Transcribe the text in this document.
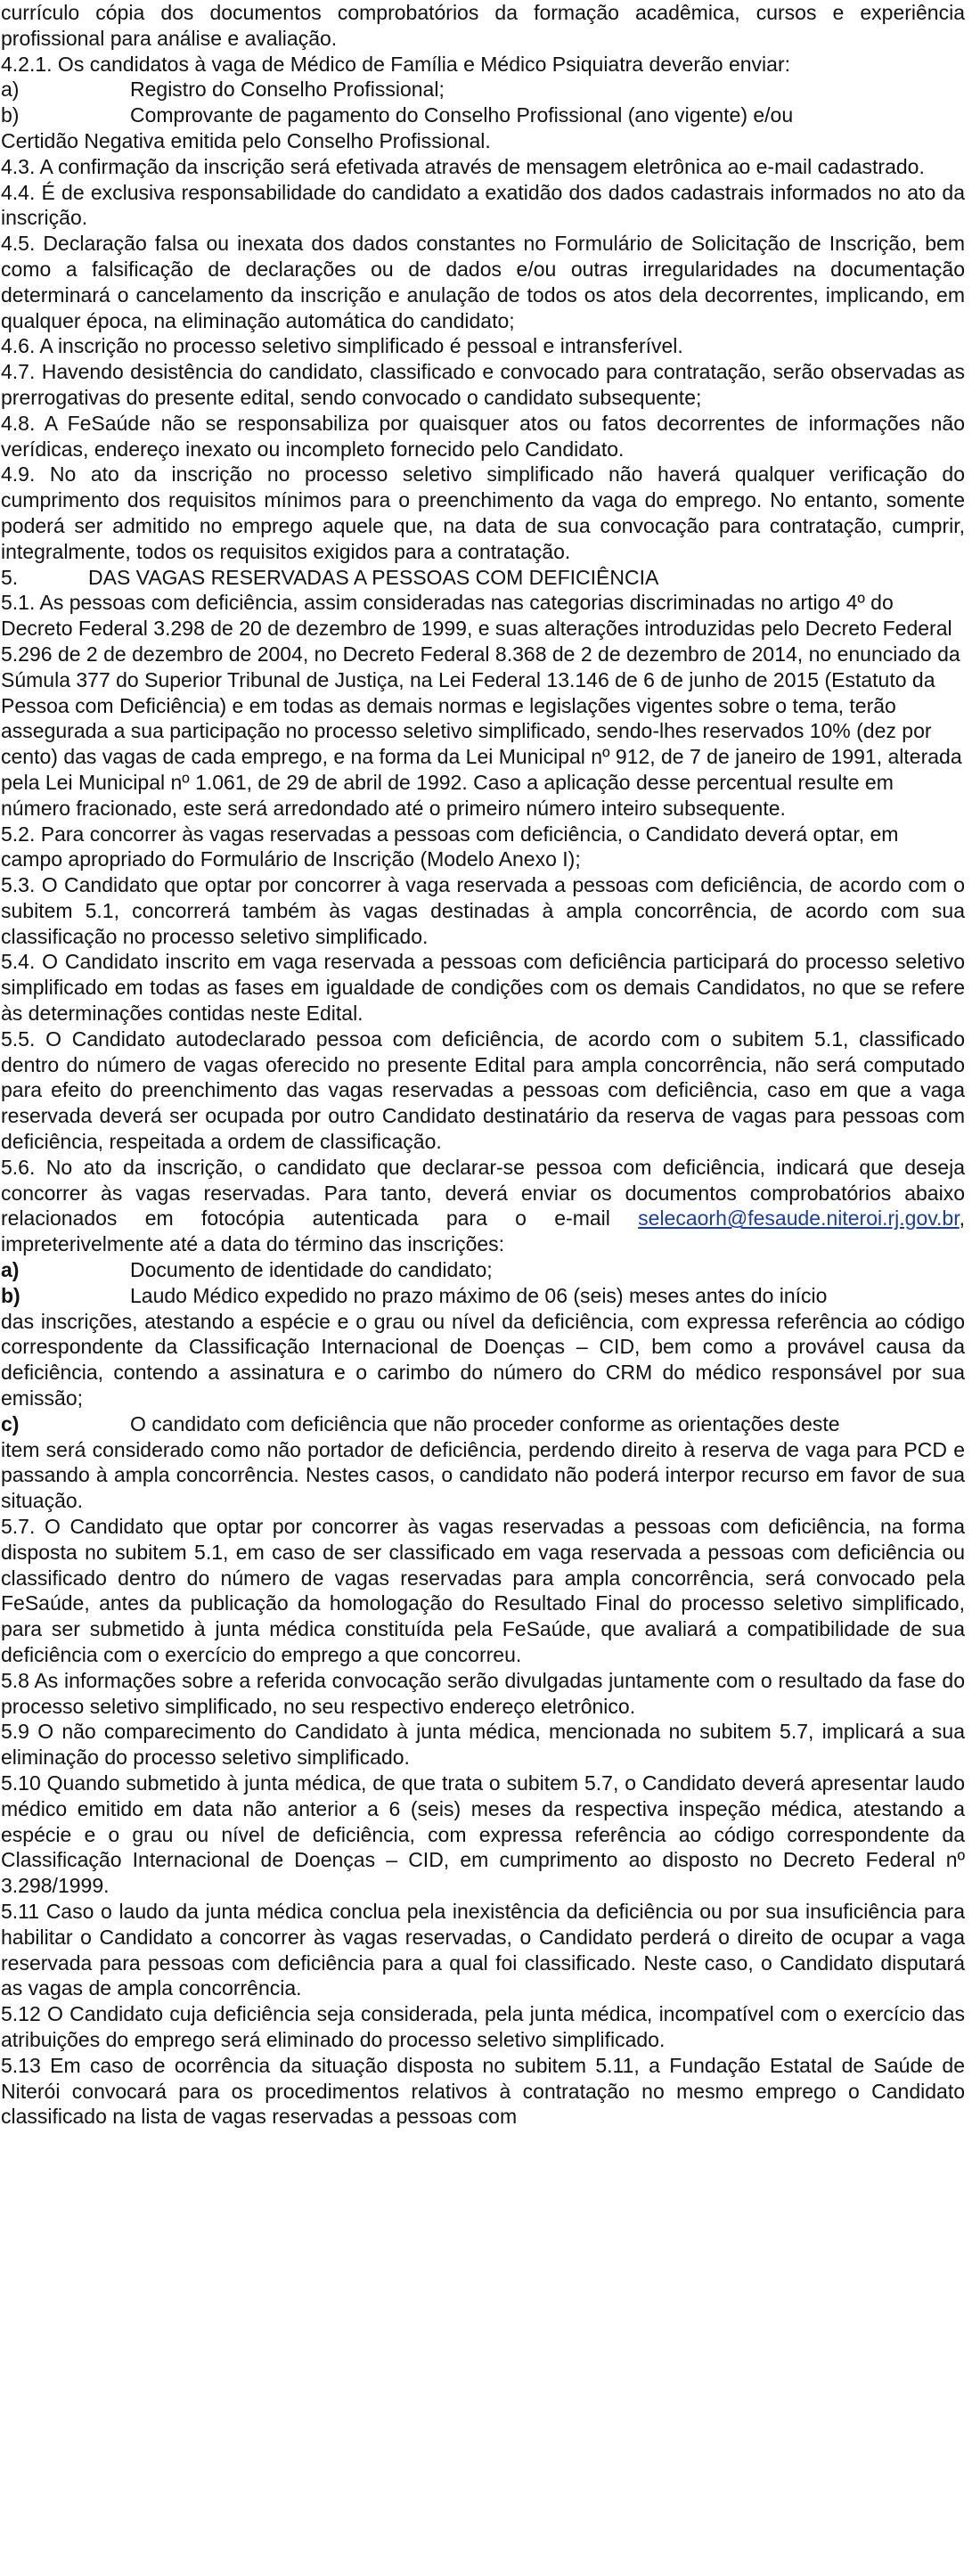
currículo cópia dos documentos comprobatórios da formação acadêmica, cursos e experiência profissional para análise e avaliação.

4.2.1. Os candidatos à vaga de Médico de Família e Médico Psiquiatra deverão enviar:

a)	Registro do Conselho Profissional;
b)	Comprovante de pagamento do Conselho Profissional (ano vigente) e/ou

Certidão Negativa emitida pelo Conselho Profissional.

4.3. A confirmação da inscrição será efetivada através de mensagem eletrônica ao e-mail cadastrado.

4.4. É de exclusiva responsabilidade do candidato a exatidão dos dados cadastrais informados no ato da inscrição.

4.5. Declaração falsa ou inexata dos dados constantes no Formulário de Solicitação de Inscrição, bem como a falsificação de declarações ou de dados e/ou outras irregularidades na documentação determinará o cancelamento da inscrição e anulação de todos os atos dela decorrentes, implicando, em qualquer época, na eliminação automática do candidato;

4.6. A inscrição no processo seletivo simplificado é pessoal e intransferível.

4.7. Havendo desistência do candidato, classificado e convocado para contratação, serão observadas as prerrogativas do presente edital, sendo convocado o candidato subsequente;

4.8. A FeSaúde não se responsabiliza por quaisquer atos ou fatos decorrentes de informações não verídicas, endereço inexato ou incompleto fornecido pelo Candidato.

4.9. No ato da inscrição no processo seletivo simplificado não haverá qualquer verificação do cumprimento dos requisitos mínimos para o preenchimento da vaga do emprego. No entanto, somente poderá ser admitido no emprego aquele que, na data de sua convocação para contratação, cumprir, integralmente, todos os requisitos exigidos para a contratação.

5.	DAS VAGAS RESERVADAS A PESSOAS COM DEFICIÊNCIA

5.1. As pessoas com deficiência, assim consideradas nas categorias discriminadas no artigo 4º do Decreto Federal 3.298 de 20 de dezembro de 1999, e suas alterações introduzidas pelo Decreto Federal 5.296 de 2 de dezembro de 2004, no Decreto Federal 8.368 de 2 de dezembro de 2014, no enunciado da Súmula 377 do Superior Tribunal de Justiça, na Lei Federal 13.146 de 6 de junho de 2015 (Estatuto da Pessoa com Deficiência) e em todas as demais normas e legislações vigentes sobre o tema, terão assegurada a sua participação no processo seletivo simplificado, sendo-lhes reservados 10% (dez por cento) das vagas de cada emprego, e na forma da Lei Municipal nº 912, de 7 de janeiro de 1991, alterada pela Lei Municipal nº 1.061, de 29 de abril de 1992. Caso a aplicação desse percentual resulte em número fracionado, este será arredondado até o primeiro número inteiro subsequente.

5.2. Para concorrer às vagas reservadas a pessoas com deficiência, o Candidato deverá optar, em campo apropriado do Formulário de Inscrição (Modelo Anexo I);

5.3. O Candidato que optar por concorrer à vaga reservada a pessoas com deficiência, de acordo com o subitem 5.1, concorrerá também às vagas destinadas à ampla concorrência, de acordo com sua classificação no processo seletivo simplificado.

5.4. O Candidato inscrito em vaga reservada a pessoas com deficiência participará do processo seletivo simplificado em todas as fases em igualdade de condições com os demais Candidatos, no que se refere às determinações contidas neste Edital.

5.5. O Candidato autodeclarado pessoa com deficiência, de acordo com o subitem 5.1, classificado dentro do número de vagas oferecido no presente Edital para ampla concorrência, não será computado para efeito do preenchimento das vagas reservadas a pessoas com deficiência, caso em que a vaga reservada deverá ser ocupada por outro Candidato destinatário da reserva de vagas para pessoas com deficiência, respeitada a ordem de classificação.

5.6. No ato da inscrição, o candidato que declarar-se pessoa com deficiência, indicará que deseja concorrer às vagas reservadas. Para tanto, deverá enviar os documentos comprobatórios abaixo relacionados em fotocópia autenticada para o e-mail selecaorh@fesaude.niteroi.rj.gov.br, impreterivelmente até a data do término das inscrições:

a)	Documento de identidade do candidato;
b)	Laudo Médico expedido no prazo máximo de 06 (seis) meses antes do início

das inscrições, atestando a espécie e o grau ou nível da deficiência, com expressa referência ao código correspondente da Classificação Internacional de Doenças – CID, bem como a provável causa da deficiência, contendo a assinatura e o carimbo do número do CRM do médico responsável por sua emissão;

c)	O candidato com deficiência que não proceder conforme as orientações deste

item será considerado como não portador de deficiência, perdendo direito à reserva de vaga para PCD e passando à ampla concorrência. Nestes casos, o candidato não poderá interpor recurso em favor de sua situação.

5.7. O Candidato que optar por concorrer às vagas reservadas a pessoas com deficiência, na forma disposta no subitem 5.1, em caso de ser classificado em vaga reservada a pessoas com deficiência ou classificado dentro do número de vagas reservadas para ampla concorrência, será convocado pela FeSaúde, antes da publicação da homologação do Resultado Final do processo seletivo simplificado, para ser submetido à junta médica constituída pela FeSaúde, que avaliará a compatibilidade de sua deficiência com o exercício do emprego a que concorreu.

5.8 As informações sobre a referida convocação serão divulgadas juntamente com o resultado da fase do processo seletivo simplificado, no seu respectivo endereço eletrônico.

5.9 O não comparecimento do Candidato à junta médica, mencionada no subitem 5.7, implicará a sua eliminação do processo seletivo simplificado.

5.10 Quando submetido à junta médica, de que trata o subitem 5.7, o Candidato deverá apresentar laudo médico emitido em data não anterior a 6 (seis) meses da respectiva inspeção médica, atestando a espécie e o grau ou nível de deficiência, com expressa referência ao código correspondente da Classificação Internacional de Doenças – CID, em cumprimento ao disposto no Decreto Federal nº 3.298/1999.

5.11 Caso o laudo da junta médica conclua pela inexistência da deficiência ou por sua insuficiência para habilitar o Candidato a concorrer às vagas reservadas, o Candidato perderá o direito de ocupar a vaga reservada para pessoas com deficiência para a qual foi classificado. Neste caso, o Candidato disputará as vagas de ampla concorrência.

5.12 O Candidato cuja deficiência seja considerada, pela junta médica, incompatível com o exercício das atribuições do emprego será eliminado do processo seletivo simplificado.

5.13 Em caso de ocorrência da situação disposta no subitem 5.11, a Fundação Estatal de Saúde de Niterói convocará para os procedimentos relativos à contratação no mesmo emprego o Candidato classificado na lista de vagas reservadas a pessoas com
